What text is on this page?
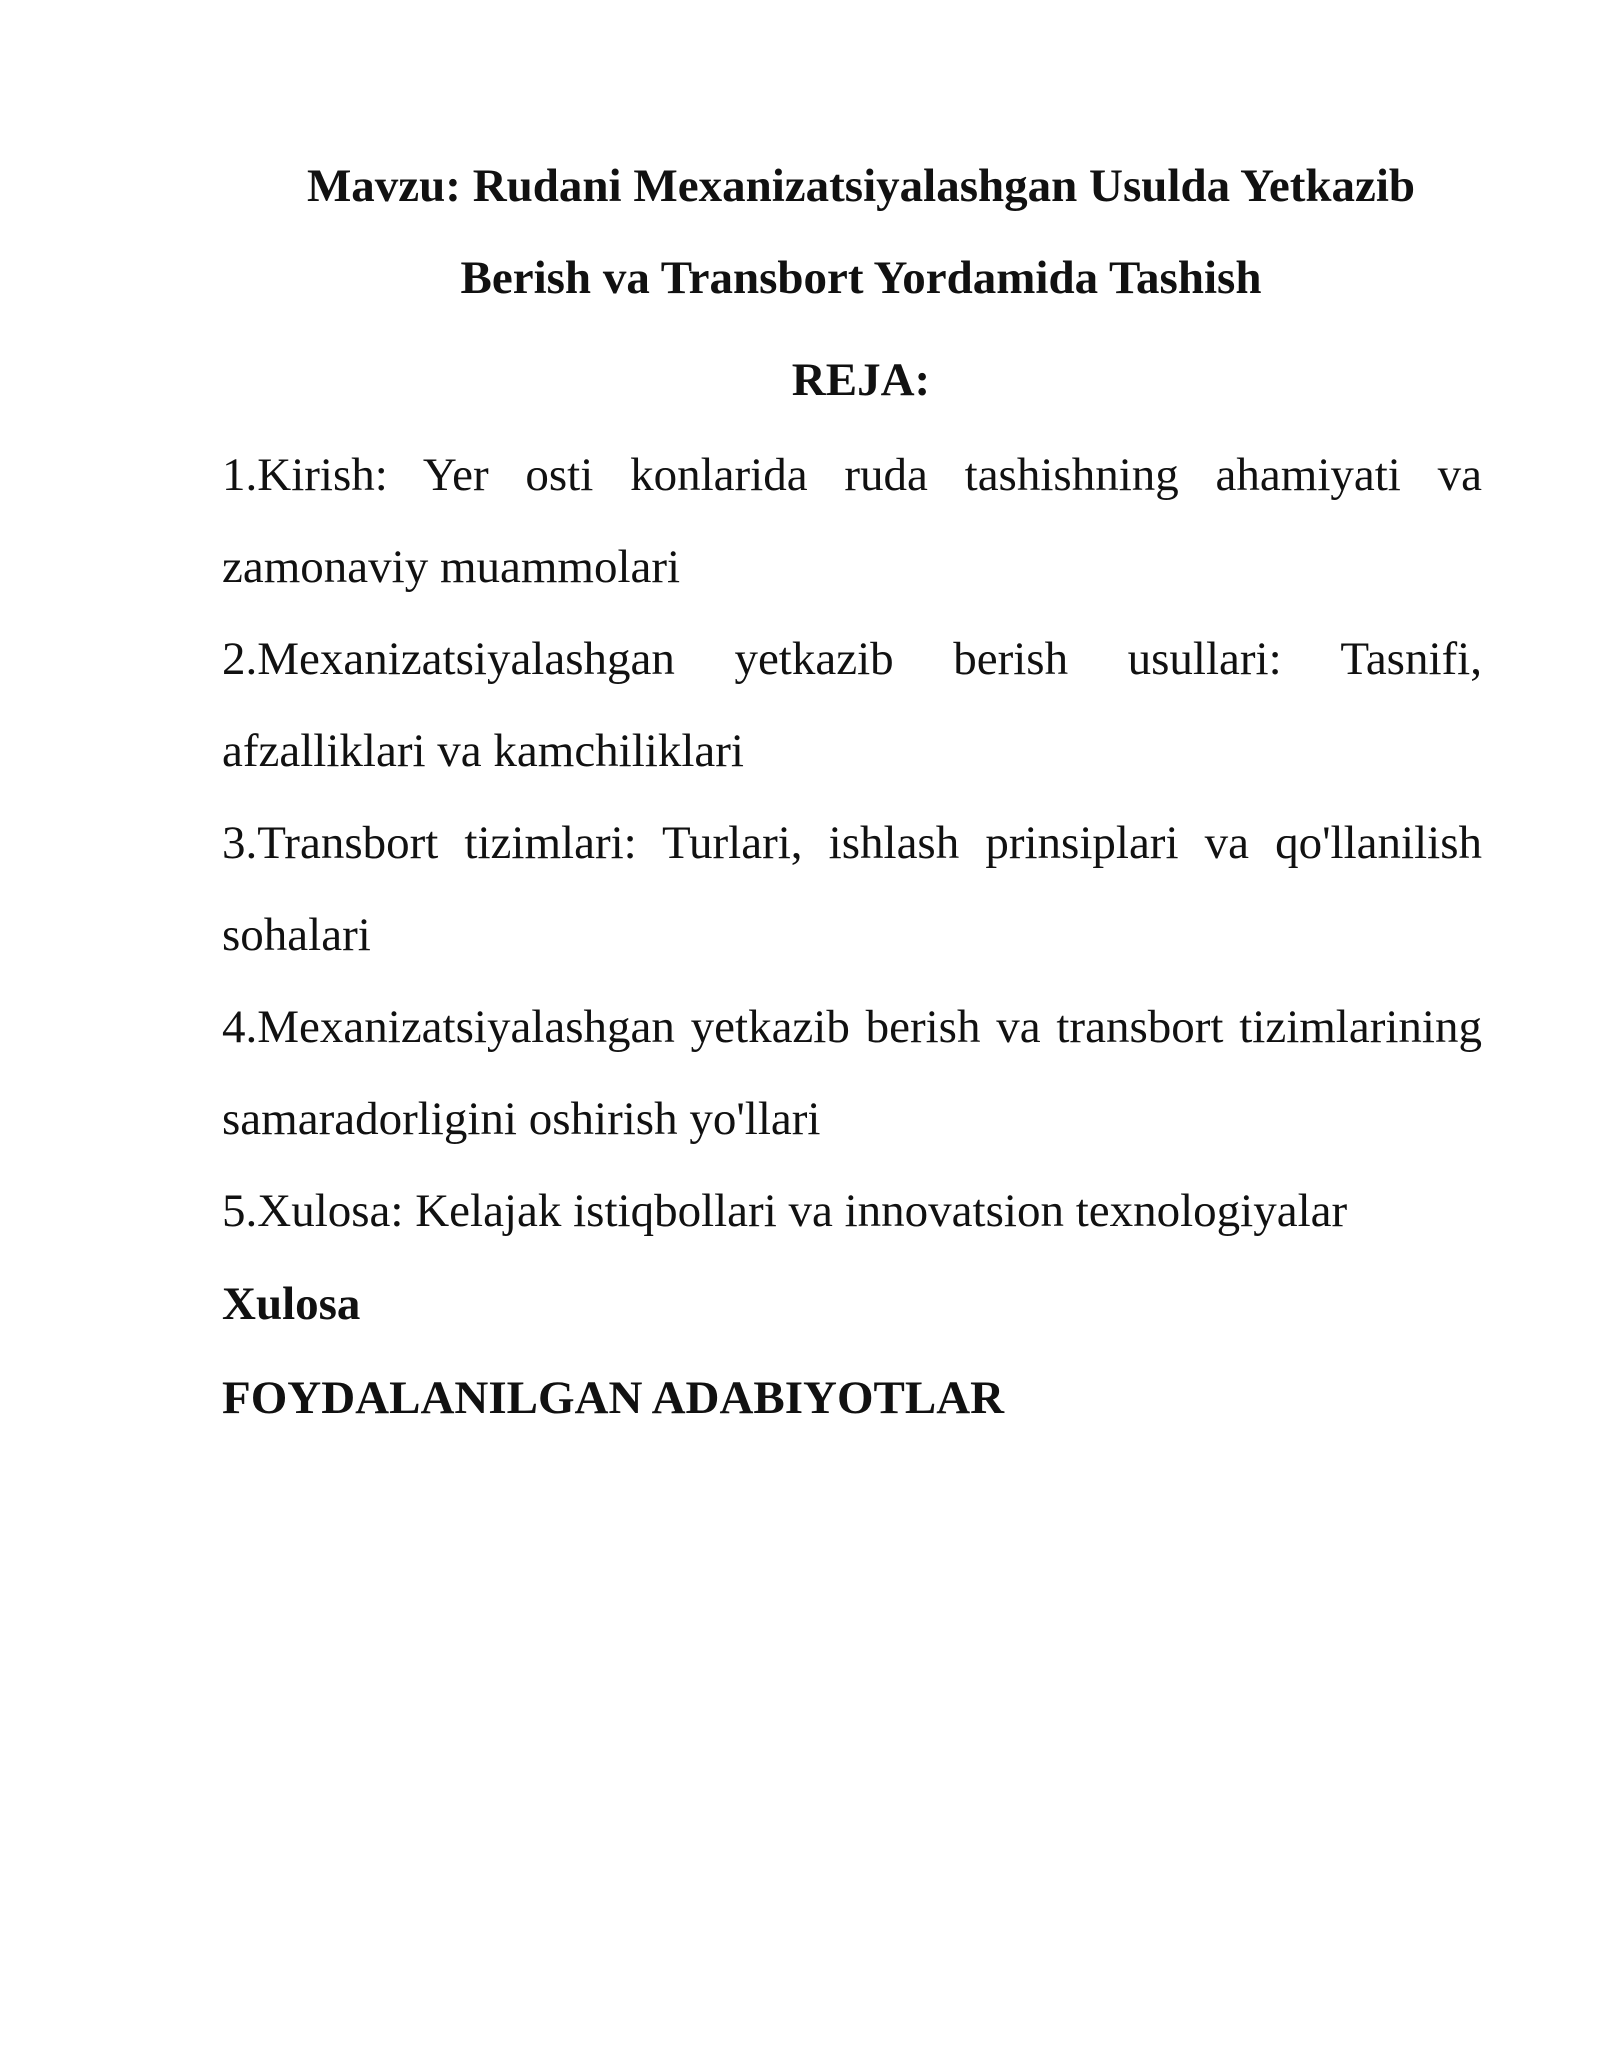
Mavzu: Rudani Mexanizatsiyalashgan Usulda Yetkazib Berish va Transbort Yordamida Tashish
REJA:
1.Kirish: Yer osti konlarida ruda tashishning ahamiyati va zamonaviy muammolari
2.Mexanizatsiyalashgan yetkazib berish usullari: Tasnifi, afzalliklari va kamchiliklari
3.Transbort tizimlari: Turlari, ishlash prinsiplari va qo'llanilish sohalari
4.Mexanizatsiyalashgan yetkazib berish va transbort tizimlarining samaradorligini oshirish yo'llari
5.Xulosa: Kelajak istiqbollari va innovatsion texnologiyalar
Xulosa
FOYDALANILGAN ADABIYOTLAR
